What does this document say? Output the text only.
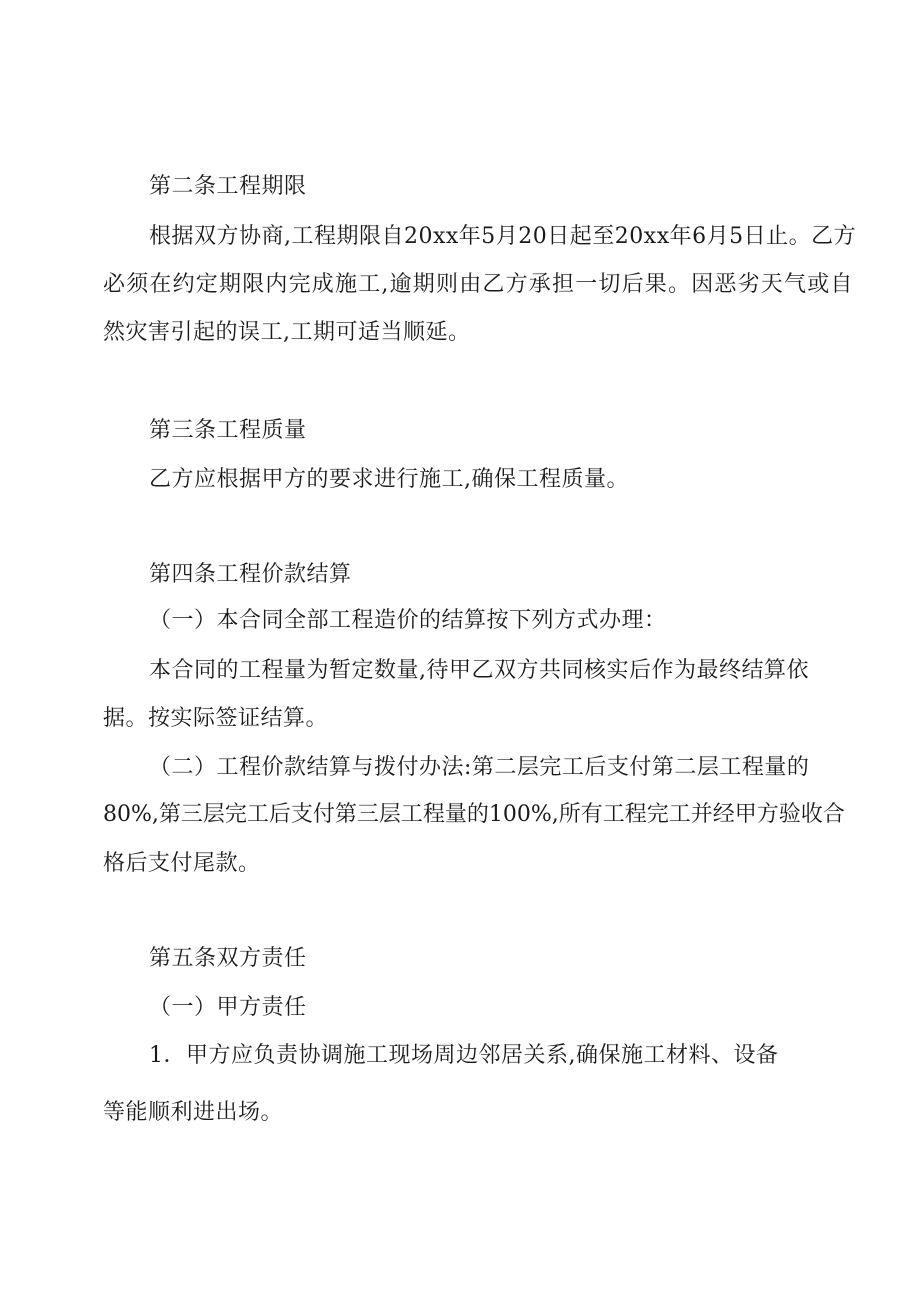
第二条工程期限
根据双方协商,工程期限自20xx年5月20日起至20xx年6月5日止。乙方
必须在约定期限内完成施工,逾期则由乙方承担一切后果。因恶劣天气或自
然灾害引起的误工,工期可适当顺延。
第三条工程质量
乙方应根据甲方的要求进行施工,确保工程质量。
第四条工程价款结算
（一）本合同全部工程造价的结算按下列方式办理：
本合同的工程量为暂定数量,待甲乙双方共同核实后作为最终结算依
据。按实际签证结算。
（二）工程价款结算与拨付办法:第二层完工后支付第二层工程量的
80%,第三层完工后支付第三层工程量的100%,所有工程完工并经甲方验收合
格后支付尾款。
第五条双方责任
（一）甲方责任
1．甲方应负责协调施工现场周边邻居关系,确保施工材料、设备
等能顺利进出场。
